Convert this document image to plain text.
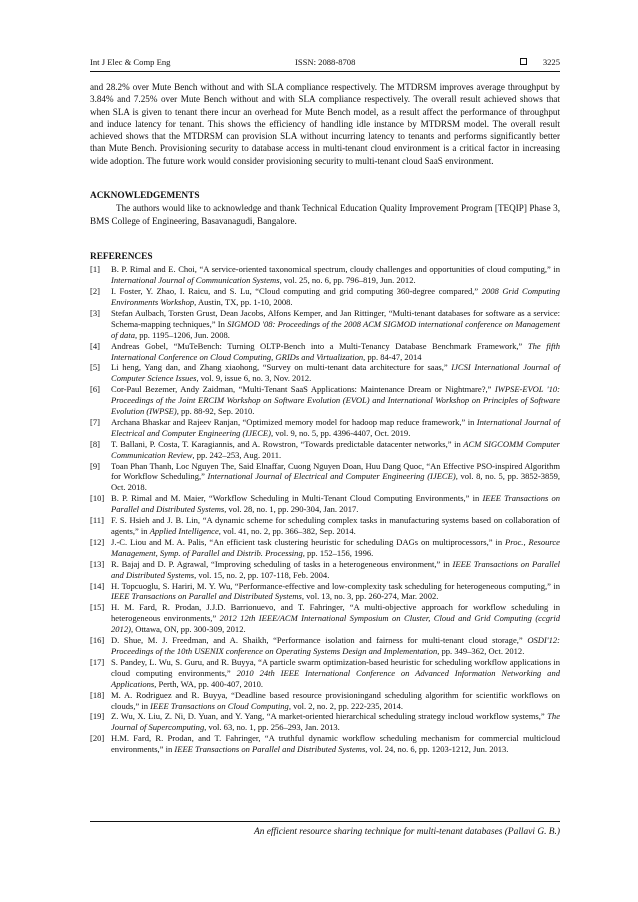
Int J Elec & Comp Eng	ISSN: 2088-8708	3225

and 28.2% over Mute Bench without and with SLA compliance respectively. The MTDRSM improves average throughput by 3.84% and 7.25% over Mute Bench without and with SLA compliance respectively. The overall result achieved shows that when SLA is given to tenant there incur an overhead for Mute Bench model, as a result affect the performance of throughput and induce latency for tenant. This shows the efficiency of handling idle instance by MTDRSM model. The overall result achieved shows that the MTDRSM can provision SLA without incurring latency to tenants and performs significantly better than Mute Bench. Provisioning security to database access in multi-tenant cloud environment is a critical factor in increasing wide adoption. The future work would consider provisioning security to multi-tenant cloud SaaS environment.

ACKNOWLEDGEMENTS

The authors would like to acknowledge and thank Technical Education Quality Improvement Program [TEQIP] Phase 3, BMS College of Engineering, Basavanagudi, Bangalore.

REFERENCES
[1] B. P. Rimal and E. Choi, “A service-oriented taxonomical spectrum, cloudy challenges and opportunities of cloud computing,” in International Journal of Communication Systems, vol. 25, no. 6, pp. 796–819, Jun. 2012.
[2] I. Foster, Y. Zhao, I. Raicu, and S. Lu, “Cloud computing and grid computing 360-degree compared,” 2008 Grid Computing Environments Workshop, Austin, TX, pp. 1-10, 2008.
[3] Stefan Aulbach, Torsten Grust, Dean Jacobs, Alfons Kemper, and Jan Rittinger, “Multi-tenant databases for software as a service: Schema-mapping techniques,” In SIGMOD '08: Proceedings of the 2008 ACM SIGMOD international conference on Management of data, pp. 1195–1206, Jun. 2008.
[4] Andreas Gobel, “MuTeBench: Turning OLTP-Bench into a Multi-Tenancy Database Benchmark Framework,” The fifth International Conference on Cloud Computing, GRIDs and Virtualization, pp. 84-47, 2014
[5] Li heng, Yang dan, and Zhang xiaohong, “Survey on multi-tenant data architecture for saas,” IJCSI International Journal of Computer Science Issues, vol. 9, issue 6, no. 3, Nov. 2012.
[6] Cor-Paul Bezemer, Andy Zaidman, “Multi-Tenant SaaS Applications: Maintenance Dream or Nightmare?,” IWPSE-EVOL '10: Proceedings of the Joint ERCIM Workshop on Software Evolution (EVOL) and International Workshop on Principles of Software Evolution (IWPSE), pp. 88-92, Sep. 2010.
[7] Archana Bhaskar and Rajeev Ranjan, “Optimized memory model for hadoop map reduce framework,” in International Journal of Electrical and Computer Engineering (IJECE), vol. 9, no. 5, pp. 4396-4407, Oct. 2019.
[8] T. Ballani, P. Costa, T. Karagiannis, and A. Rowstron, “Towards predictable datacenter networks,” in ACM SIGCOMM Computer Communication Review, pp. 242–253, Aug. 2011.
[9] Toan Phan Thanh, Loc Nguyen The, Said Elnaffar, Cuong Nguyen Doan, Huu Dang Quoc, “An Effective PSO-inspired Algorithm for Workflow Scheduling,” International Journal of Electrical and Computer Engineering (IJECE), vol. 8, no. 5, pp. 3852-3859, Oct. 2018.
[10] B. P. Rimal and M. Maier, “Workflow Scheduling in Multi-Tenant Cloud Computing Environments,” in IEEE Transactions on Parallel and Distributed Systems, vol. 28, no. 1, pp. 290-304, Jan. 2017.
[11] F. S. Hsieh and J. B. Lin, “A dynamic scheme for scheduling complex tasks in manufacturing systems based on collaboration of agents,” in Applied Intelligence, vol. 41, no. 2, pp. 366–382, Sep. 2014.
[12] J.-C. Liou and M. A. Palis, “An efficient task clustering heuristic for scheduling DAGs on multiprocessors,” in Proc., Resource Management, Symp. of Parallel and Distrib. Processing, pp. 152–156, 1996.
[13] R. Bajaj and D. P. Agrawal, “Improving scheduling of tasks in a heterogeneous environment,” in IEEE Transactions on Parallel and Distributed Systems, vol. 15, no. 2, pp. 107-118, Feb. 2004.
[14] H. Topcuoglu, S. Hariri, M. Y. Wu, “Performance-effective and low-complexity task scheduling for heterogeneous computing,” in IEEE Transactions on Parallel and Distributed Systems, vol. 13, no. 3, pp. 260-274, Mar. 2002.
[15] H. M. Fard, R. Prodan, J.J.D. Barrionuevo, and T. Fahringer, “A multi-objective approach for workflow scheduling in heterogeneous environments,” 2012 12th IEEE/ACM International Symposium on Cluster, Cloud and Grid Computing (ccgrid 2012), Ottawa, ON, pp. 300-309, 2012.
[16] D. Shue, M. J. Freedman, and A. Shaikh, “Performance isolation and fairness for multi-tenant cloud storage,” OSDI'12: Proceedings of the 10th USENIX conference on Operating Systems Design and Implementation, pp. 349–362, Oct. 2012.
[17] S. Pandey, L. Wu, S. Guru, and R. Buyya, “A particle swarm optimization-based heuristic for scheduling workflow applications in cloud computing environments,” 2010 24th IEEE International Conference on Advanced Information Networking and Applications, Perth, WA, pp. 400-407, 2010.
[18] M. A. Rodriguez and R. Buyya, “Deadline based resource provisioningand scheduling algorithm for scientific workflows on clouds,” in IEEE Transactions on Cloud Computing, vol. 2, no. 2, pp. 222-235, 2014.
[19] Z. Wu, X. Liu, Z. Ni, D. Yuan, and Y. Yang, “A market-oriented hierarchical scheduling strategy incloud workflow systems,” The Journal of Supercomputing, vol. 63, no. 1, pp. 256–293, Jan. 2013.
[20] H.M. Fard, R. Prodan, and T. Fahringer, “A truthful dynamic workflow scheduling mechanism for commercial multicloud environments,” in IEEE Transactions on Parallel and Distributed Systems, vol. 24, no. 6, pp. 1203-1212, Jun. 2013.
An efficient resource sharing technique for multi-tenant databases (Pallavi G. B.)
